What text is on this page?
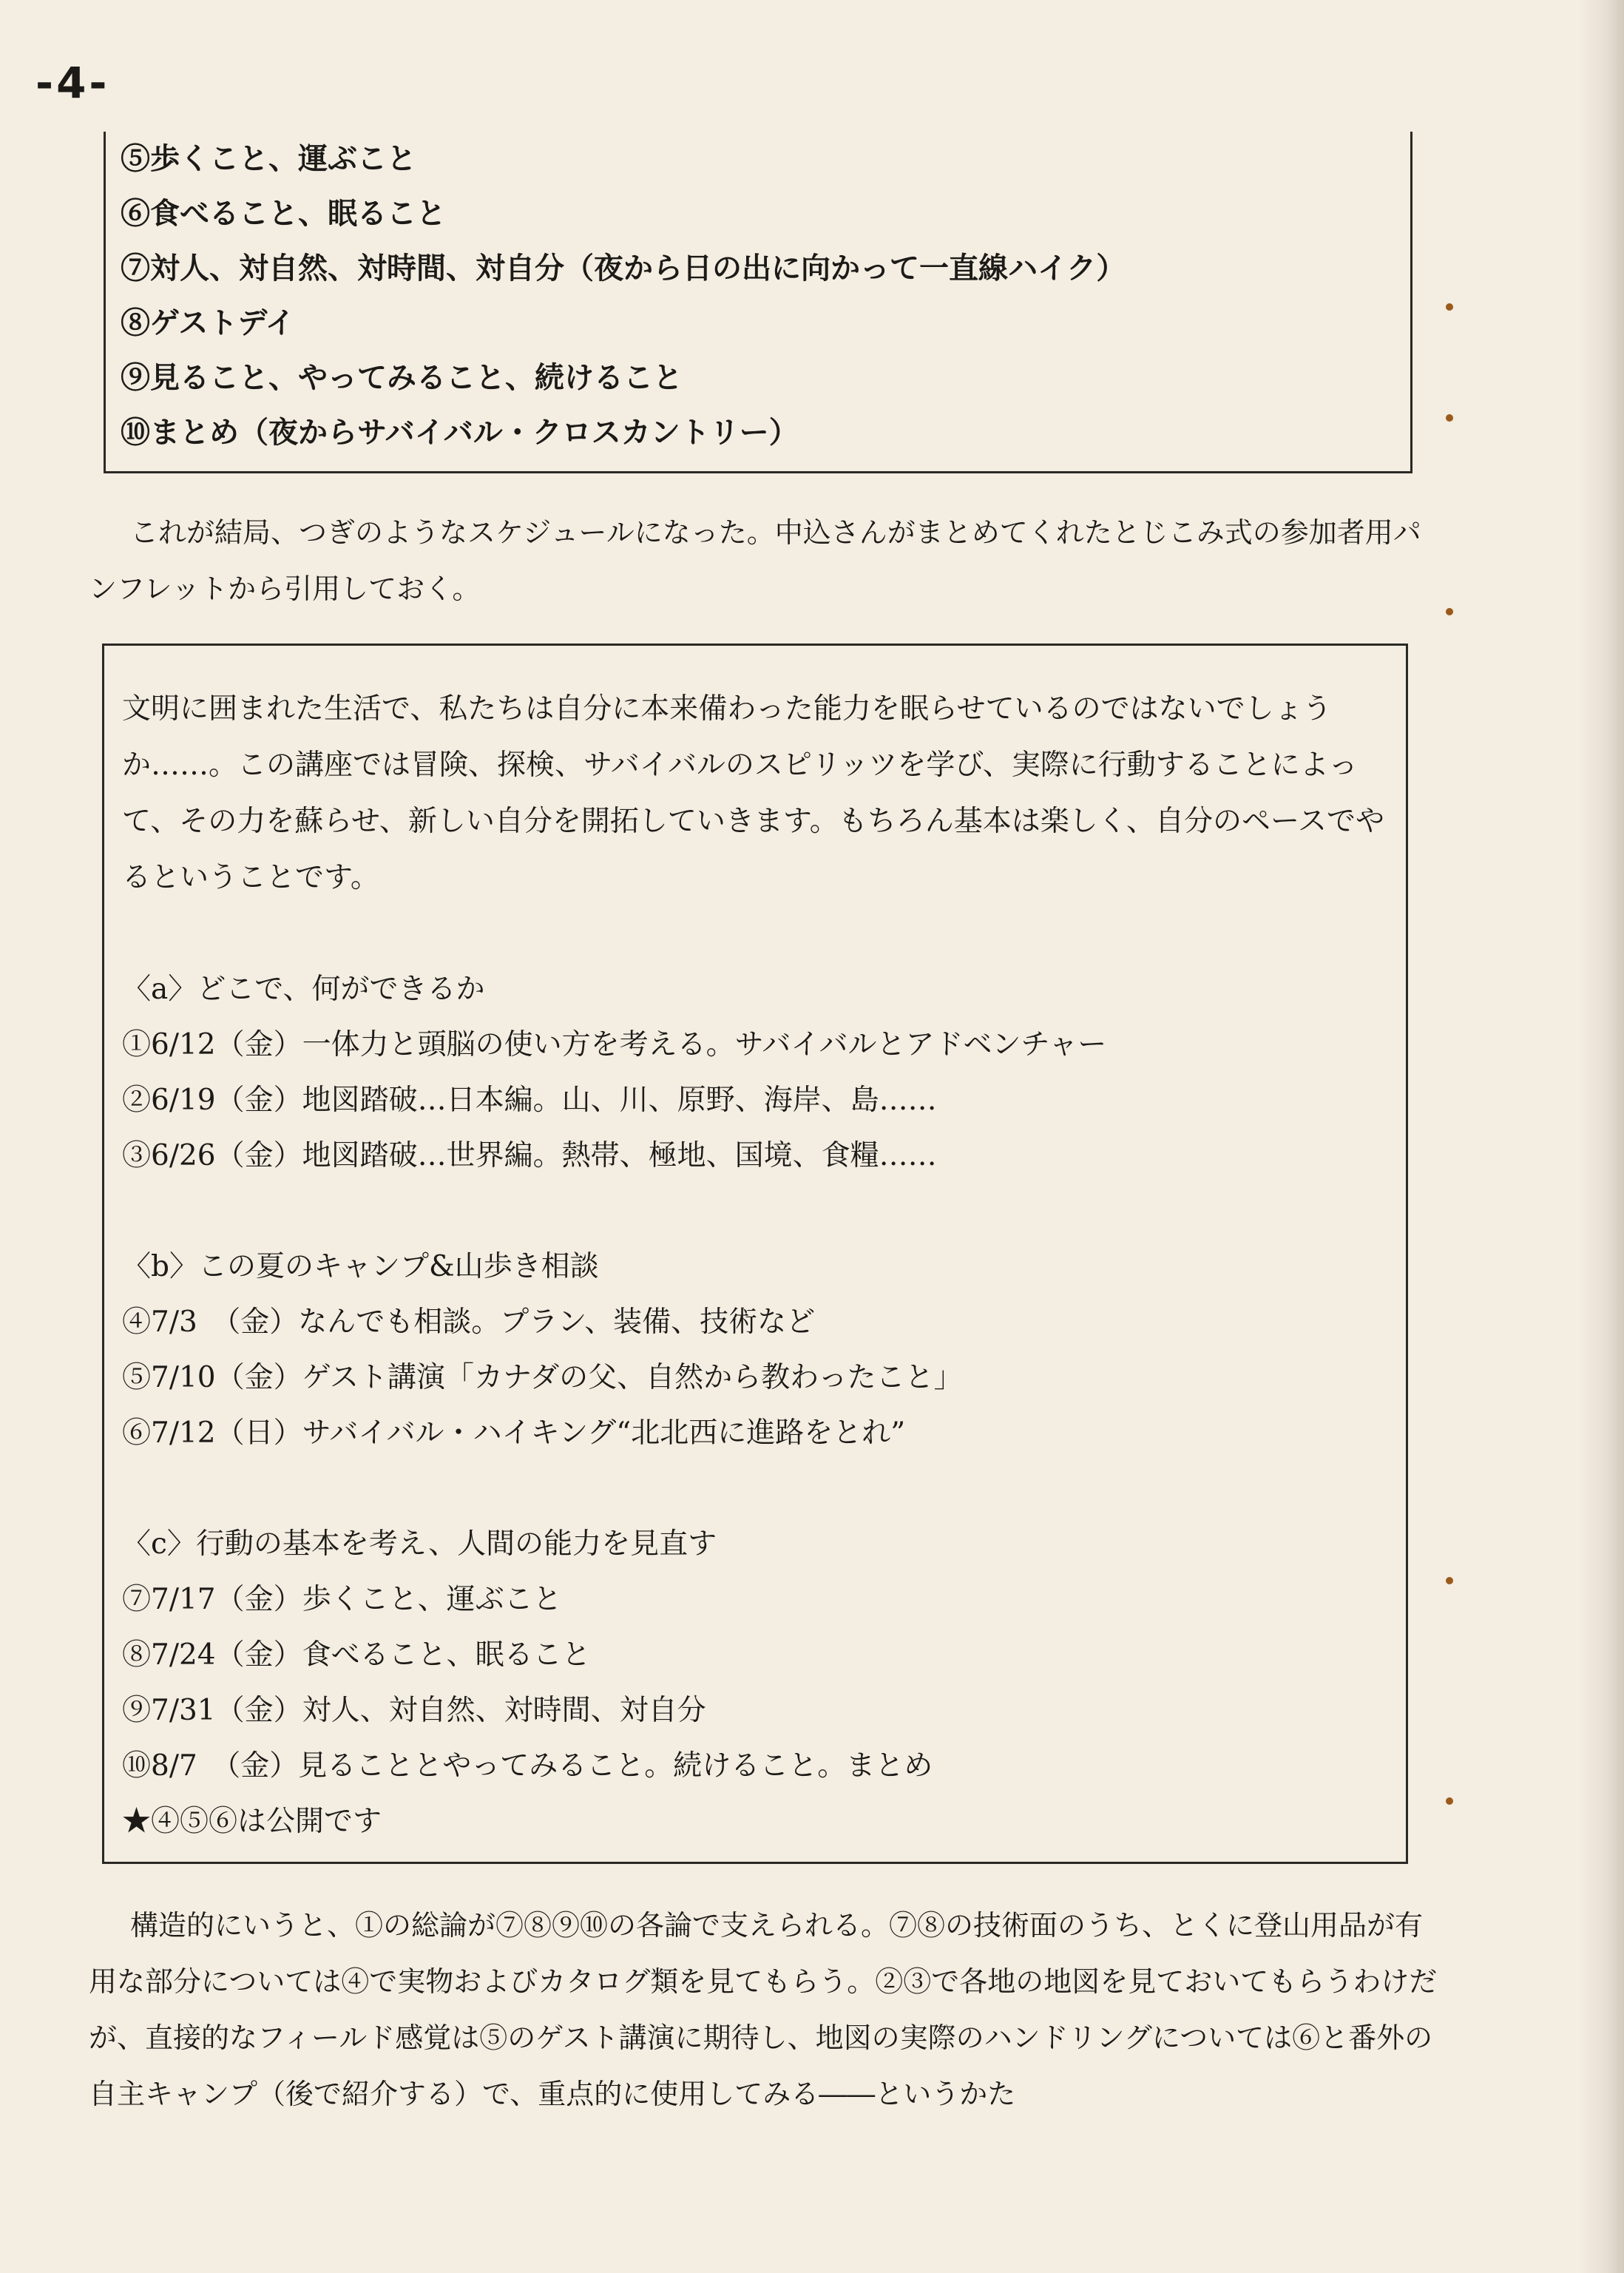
-4-
⑤歩くこと、運ぶこと
⑥食べること、眠ること
⑦対人、対自然、対時間、対自分（夜から日の出に向かって一直線ハイク）
⑧ゲストデイ
⑨見ること、やってみること、続けること
⑩まとめ（夜からサバイバル・クロスカントリー）
これが結局、つぎのようなスケジュールになった。中込さんがまとめてくれたとじこみ式の参加者用パンフレットから引用しておく。
文明に囲まれた生活で、私たちは自分に本来備わった能力を眠らせているのではないでしょうか……。この講座では冒険、探検、サバイバルのスピリッツを学び、実際に行動することによって、その力を蘇らせ、新しい自分を開拓していきます。もちろん基本は楽しく、自分のペースでやるということです。
〈a〉どこで、何ができるか
①6/12（金）一体力と頭脳の使い方を考える。サバイバルとアドベンチャー
②6/19（金）地図踏破…日本編。山、川、原野、海岸、島……
③6/26（金）地図踏破…世界編。熱帯、極地、国境、食糧……
〈b〉この夏のキャンプ&山歩き相談
④7/3　（金）なんでも相談。プラン、装備、技術など
⑤7/10（金）ゲスト講演「カナダの父、自然から教わったこと」
⑥7/12（日）サバイバル・ハイキング“北北西に進路をとれ”
〈c〉行動の基本を考え、人間の能力を見直す
⑦7/17（金）歩くこと、運ぶこと
⑧7/24（金）食べること、眠ること
⑨7/31（金）対人、対自然、対時間、対自分
⑩8/7　（金）見ることとやってみること。続けること。まとめ
★④⑤⑥は公開です
構造的にいうと、①の総論が⑦⑧⑨⑩の各論で支えられる。⑦⑧の技術面のうち、とくに登山用品が有用な部分については④で実物およびカタログ類を見てもらう。②③で各地の地図を見ておいてもらうわけだが、直接的なフィールド感覚は⑤のゲスト講演に期待し、地図の実際のハンドリングについては⑥と番外の自主キャンプ（後で紹介する）で、重点的に使用してみる――というかた
